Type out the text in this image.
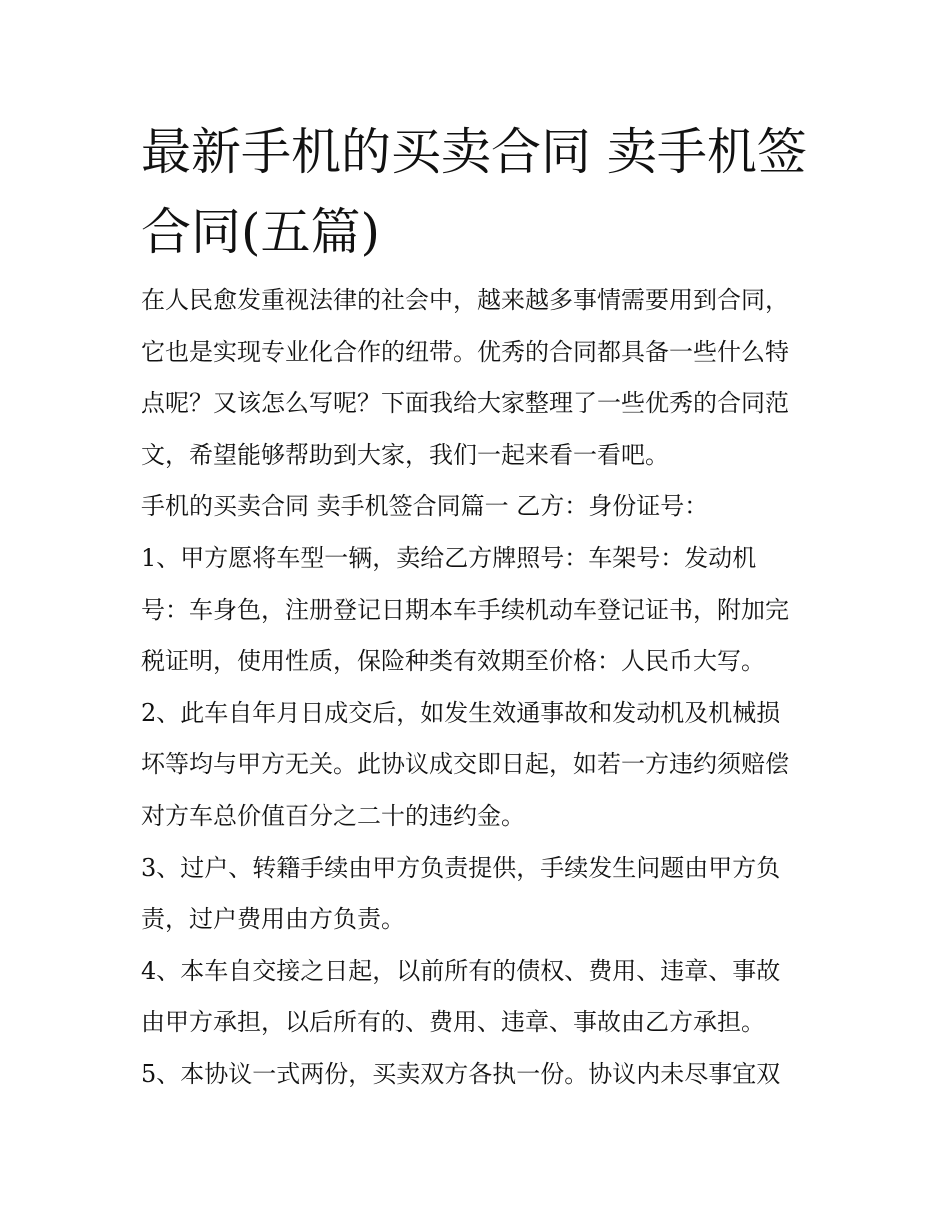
最新手机的买卖合同 卖手机签
合同(五篇)
在人民愈发重视法律的社会中，越来越多事情需要用到合同，
它也是实现专业化合作的纽带。优秀的合同都具备一些什么特
点呢？又该怎么写呢？下面我给大家整理了一些优秀的合同范
文，希望能够帮助到大家，我们一起来看一看吧。
手机的买卖合同 卖手机签合同篇一 乙方：身份证号：
1、甲方愿将车型一辆，卖给乙方牌照号：车架号：发动机
号：车身色，注册登记日期本车手续机动车登记证书，附加完
税证明，使用性质，保险种类有效期至价格：人民币大写。
2、此车自年月日成交后，如发生效通事故和发动机及机械损
坏等均与甲方无关。此协议成交即日起，如若一方违约须赔偿
对方车总价值百分之二十的违约金。
3、过户、转籍手续由甲方负责提供，手续发生问题由甲方负
责，过户费用由方负责。
4、本车自交接之日起，以前所有的债权、费用、违章、事故
由甲方承担，以后所有的、费用、违章、事故由乙方承担。
5、本协议一式两份，买卖双方各执一份。协议内未尽事宜双
